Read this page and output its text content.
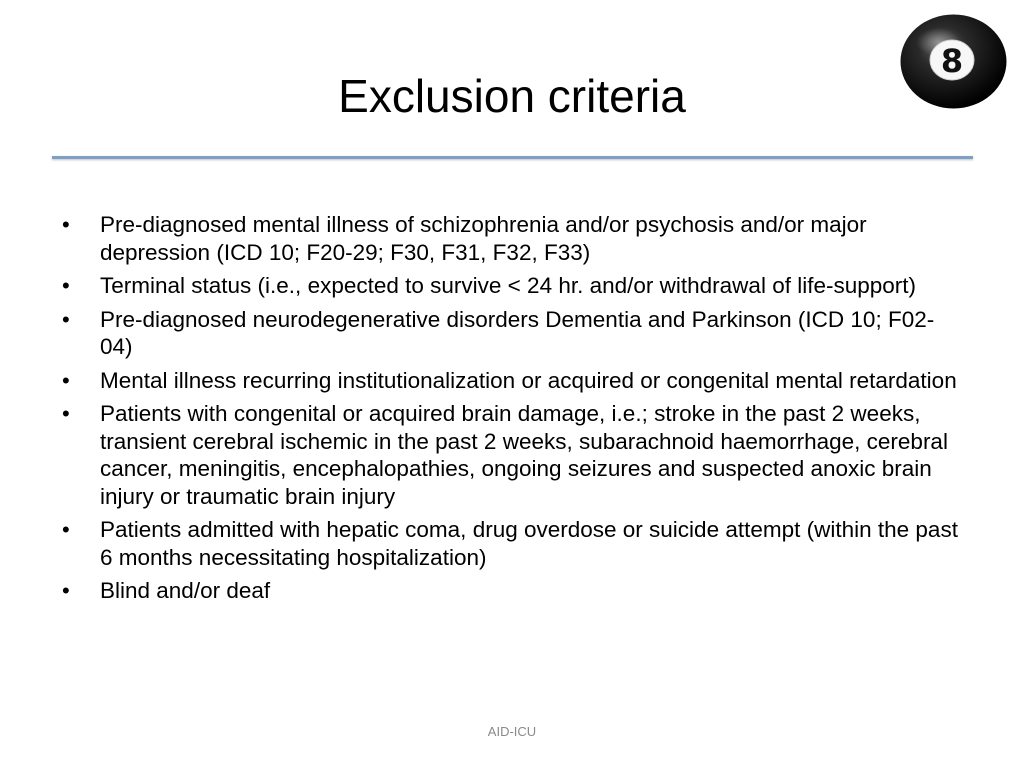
Exclusion criteria
8
•	Pre-diagnosed mental illness of schizophrenia and/or psychosis and/or major depression (ICD 10; F20-29; F30, F31, F32, F33)
•	Terminal status (i.e., expected to survive < 24 hr. and/or withdrawal of life-support)
•	Pre-diagnosed neurodegenerative disorders Dementia and Parkinson (ICD 10; F02-04)
•	Mental illness recurring institutionalization or acquired or congenital mental retardation
•	Patients with congenital or acquired brain damage, i.e.; stroke in the past 2 weeks, transient cerebral ischemic in the past 2 weeks, subarachnoid haemorrhage, cerebral cancer, meningitis, encephalopathies, ongoing seizures and suspected anoxic brain injury or traumatic brain injury
•	Patients admitted with hepatic coma, drug overdose or suicide attempt (within the past 6 months necessitating hospitalization)
•	Blind and/or deaf
AID-ICU
